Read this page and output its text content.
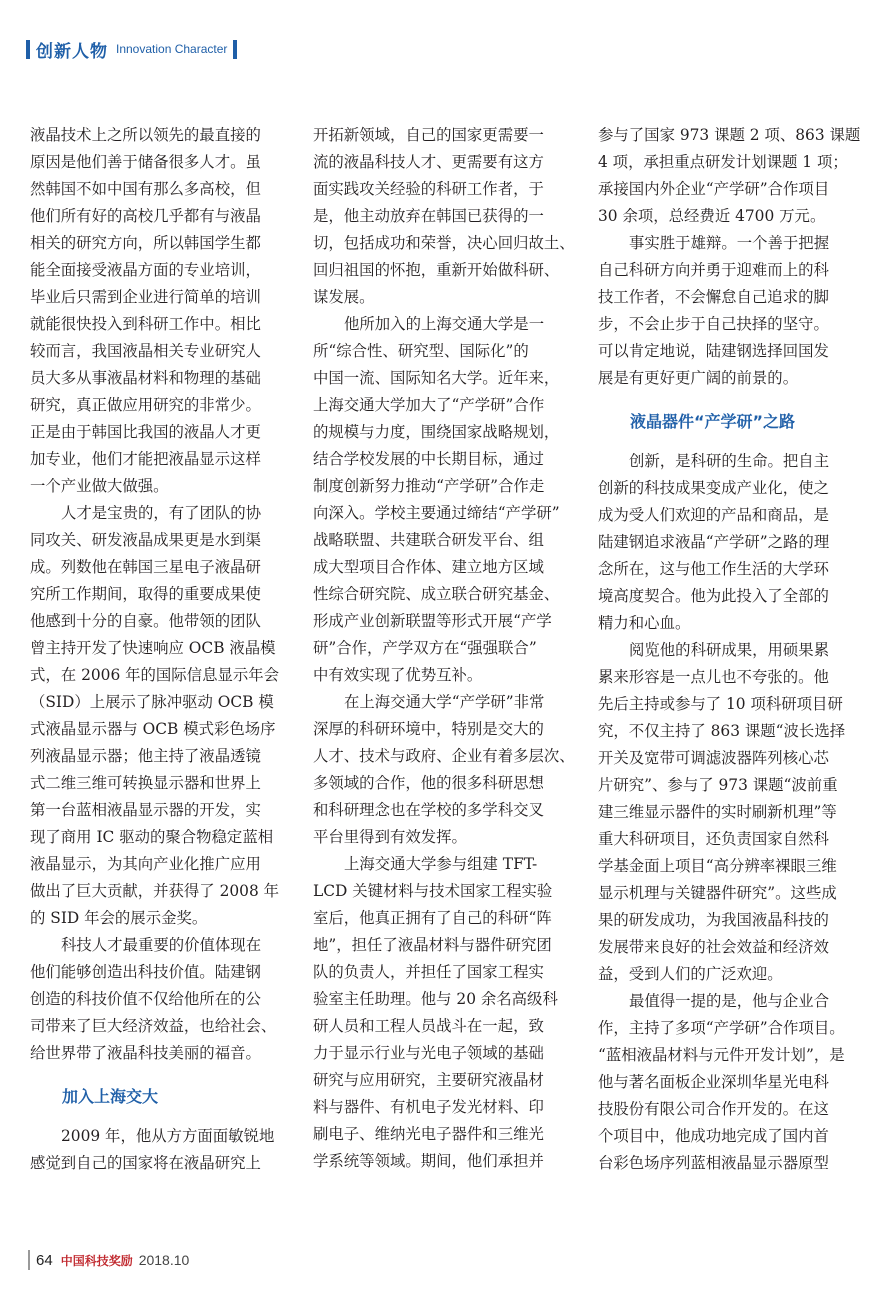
创新人物 Innovation Character

液晶技术上之所以领先的最直接的
原因是他们善于储备很多人才。虽
然韩国不如中国有那么多高校，但
他们所有好的高校几乎都有与液晶
相关的研究方向，所以韩国学生都
能全面接受液晶方面的专业培训，
毕业后只需到企业进行简单的培训
就能很快投入到科研工作中。相比
较而言，我国液晶相关专业研究人
员大多从事液晶材料和物理的基础
研究，真正做应用研究的非常少。
正是由于韩国比我国的液晶人才更
加专业，他们才能把液晶显示这样
一个产业做大做强。

人才是宝贵的，有了团队的协
同攻关、研发液晶成果更是水到渠
成。列数他在韩国三星电子液晶研
究所工作期间，取得的重要成果使
他感到十分的自豪。他带领的团队
曾主持开发了快速响应 OCB 液晶模
式，在 2006 年的国际信息显示年会
（SID）上展示了脉冲驱动 OCB 模
式液晶显示器与 OCB 模式彩色场序
列液晶显示器；他主持了液晶透镜
式二维三维可转换显示器和世界上
第一台蓝相液晶显示器的开发，实
现了商用 IC 驱动的聚合物稳定蓝相
液晶显示，为其向产业化推广应用
做出了巨大贡献，并获得了 2008 年
的 SID 年会的展示金奖。

科技人才最重要的价值体现在
他们能够创造出科技价值。陆建钢
创造的科技价值不仅给他所在的公
司带来了巨大经济效益，也给社会、
给世界带了液晶科技美丽的福音。

加入上海交大

2009 年，他从方方面面敏锐地
感觉到自己的国家将在液晶研究上

开拓新领域，自己的国家更需要一
流的液晶科技人才、更需要有这方
面实践攻关经验的科研工作者，于
是，他主动放弃在韩国已获得的一
切，包括成功和荣誉，决心回归故土、
回归祖国的怀抱，重新开始做科研、
谋发展。

他所加入的上海交通大学是一
所“综合性、研究型、国际化”的
中国一流、国际知名大学。近年来，
上海交通大学加大了“产学研”合作
的规模与力度，围绕国家战略规划，
结合学校发展的中长期目标，通过
制度创新努力推动“产学研”合作走
向深入。学校主要通过缔结“产学研”
战略联盟、共建联合研发平台、组
成大型项目合作体、建立地方区域
性综合研究院、成立联合研究基金、
形成产业创新联盟等形式开展“产学
研”合作，产学双方在“强强联合”
中有效实现了优势互补。

在上海交通大学“产学研”非常
深厚的科研环境中，特别是交大的
人才、技术与政府、企业有着多层次、
多领域的合作，他的很多科研思想
和科研理念也在学校的多学科交叉
平台里得到有效发挥。

上海交通大学参与组建 TFT-
LCD 关键材料与技术国家工程实验
室后，他真正拥有了自己的科研“阵
地”，担任了液晶材料与器件研究团
队的负责人，并担任了国家工程实
验室主任助理。他与 20 余名高级科
研人员和工程人员战斗在一起，致
力于显示行业与光电子领域的基础
研究与应用研究，主要研究液晶材
料与器件、有机电子发光材料、印
刷电子、维纳光电子器件和三维光
学系统等领域。期间，他们承担并

参与了国家 973 课题 2 项、863 课题
4 项，承担重点研发计划课题 1 项；
承接国内外企业“产学研”合作项目
30 余项，总经费近 4700 万元。

事实胜于雄辩。一个善于把握
自己科研方向并勇于迎难而上的科
技工作者，不会懈怠自己追求的脚
步，不会止步于自己抉择的坚守。
可以肯定地说，陆建钢选择回国发
展是有更好更广阔的前景的。

液晶器件“产学研”之路

创新，是科研的生命。把自主
创新的科技成果变成产业化，使之
成为受人们欢迎的产品和商品，是
陆建钢追求液晶“产学研”之路的理
念所在，这与他工作生活的大学环
境高度契合。他为此投入了全部的
精力和心血。

阅览他的科研成果，用硕果累
累来形容是一点儿也不夸张的。他
先后主持或参与了 10 项科研项目研
究，不仅主持了 863 课题“波长选择
开关及宽带可调滤波器阵列核心芯
片研究”、参与了 973 课题“波前重
建三维显示器件的实时刷新机理”等
重大科研项目，还负责国家自然科
学基金面上项目“高分辨率裸眼三维
显示机理与关键器件研究”。这些成
果的研发成功，为我国液晶科技的
发展带来良好的社会效益和经济效
益，受到人们的广泛欢迎。

最值得一提的是，他与企业合
作，主持了多项“产学研”合作项目。
“蓝相液晶材料与元件开发计划”，是
他与著名面板企业深圳华星光电科
技股份有限公司合作开发的。在这
个项目中，他成功地完成了国内首
台彩色场序列蓝相液晶显示器原型

64 中国科技奖励 2018.10
